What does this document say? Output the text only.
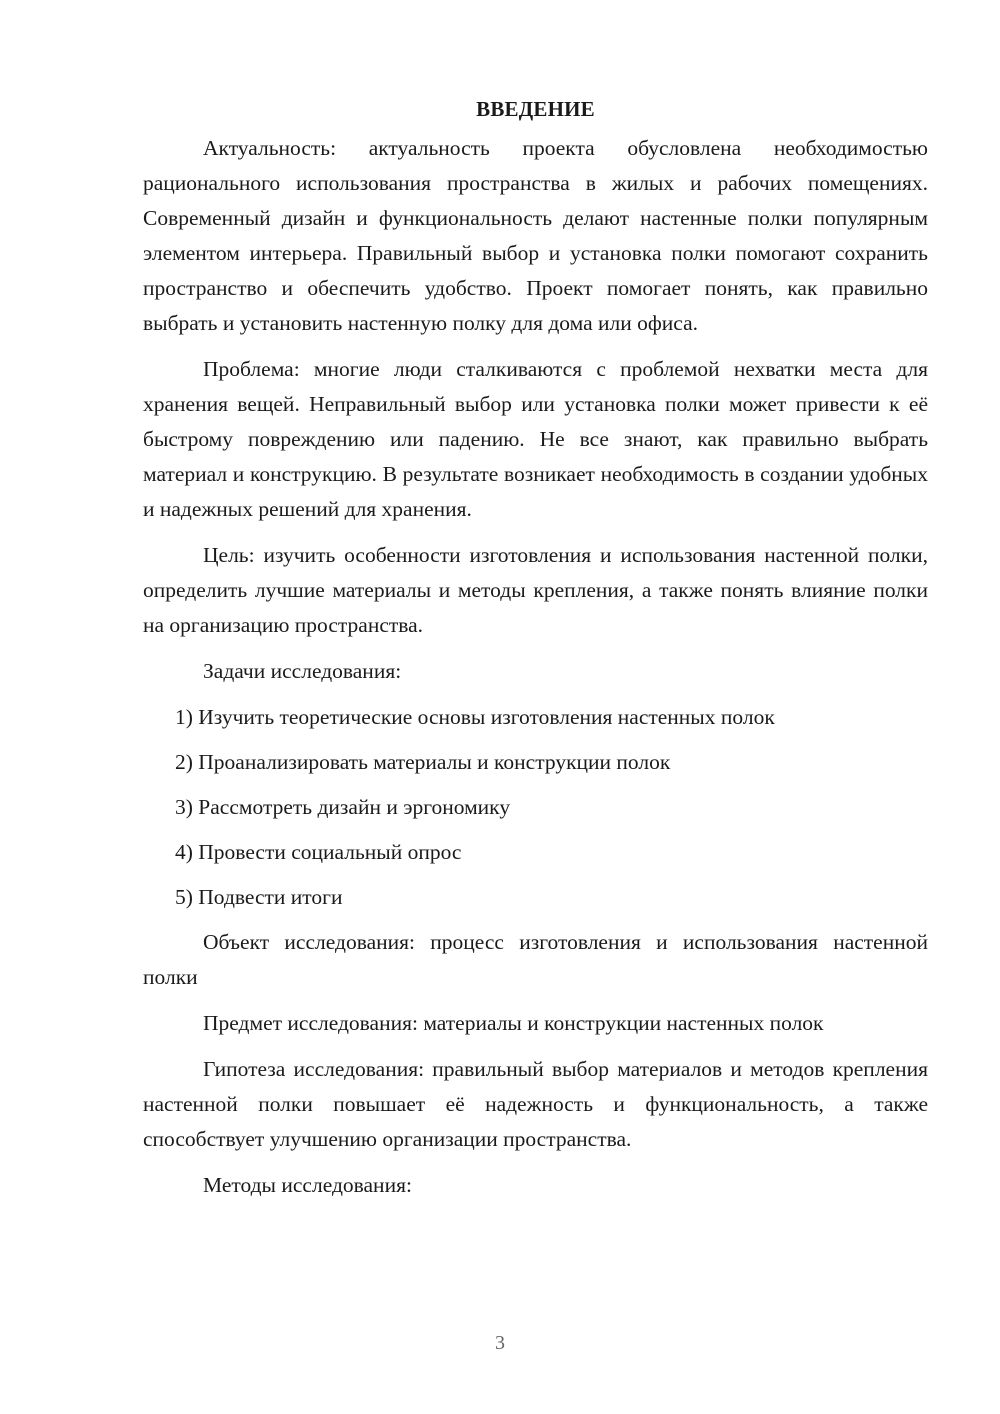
ВВЕДЕНИЕ

Актуальность: актуальность проекта обусловлена необходимостью рационального использования пространства в жилых и рабочих помещениях. Современный дизайн и функциональность делают настенные полки популярным элементом интерьера. Правильный выбор и установка полки помогают сохранить пространство и обеспечить удобство. Проект помогает понять, как правильно выбрать и установить настенную полку для дома или офиса.

Проблема: многие люди сталкиваются с проблемой нехватки места для хранения вещей. Неправильный выбор или установка полки может привести к её быстрому повреждению или падению. Не все знают, как правильно выбрать материал и конструкцию. В результате возникает необходимость в создании удобных и надежных решений для хранения.

Цель: изучить особенности изготовления и использования настенной полки, определить лучшие материалы и методы крепления, а также понять влияние полки на организацию пространства.

Задачи исследования:

1) Изучить теоретические основы изготовления настенных полок
2) Проанализировать материалы и конструкции полок
3) Рассмотреть дизайн и эргономику
4) Провести социальный опрос
5) Подвести итоги

Объект исследования: процесс изготовления и использования настенной полки

Предмет исследования: материалы и конструкции настенных полок

Гипотеза исследования: правильный выбор материалов и методов крепления настенной полки повышает её надежность и функциональность, а также способствует улучшению организации пространства.

Методы исследования:

3
